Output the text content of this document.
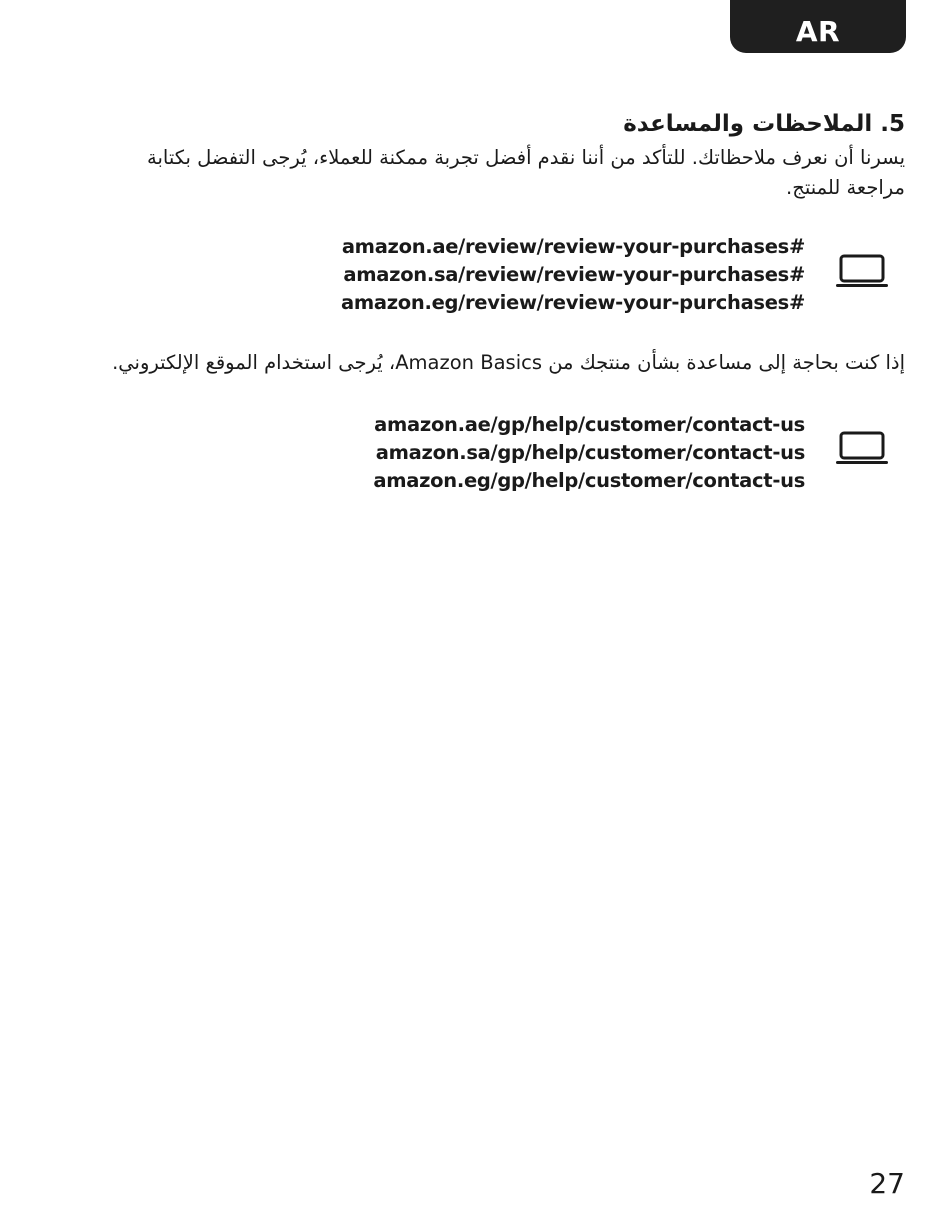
AR
5. الملاحظات والمساعدة
يسرنا أن نعرف ملاحظاتك. للتأكد من أننا نقدم أفضل تجربة ممكنة للعملاء، يُرجى التفضل بكتابة مراجعة للمنتج.
amazon.ae/review/review-your-purchases#
amazon.sa/review/review-your-purchases#
amazon.eg/review/review-your-purchases#
إذا كنت بحاجة إلى مساعدة بشأن منتجك من Amazon Basics، يُرجى استخدام الموقع الإلكتروني.
amazon.ae/gp/help/customer/contact-us
amazon.sa/gp/help/customer/contact-us
amazon.eg/gp/help/customer/contact-us
27
